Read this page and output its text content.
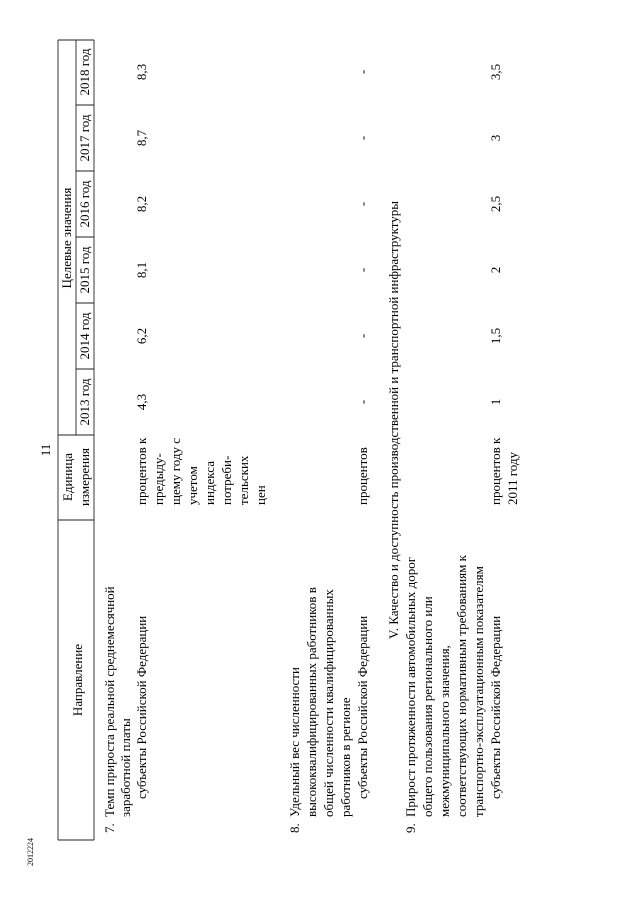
Направление
Единица измерения
Целевые значения
2013 год
2014 год
2015 год
2016 год
2017 год
2018 год
11
7.
Темп прироста реальной среднемесячной заработной платы субъекты Российской Федерации
процентов к предыду- щему году с учетом индекса потреби- тельских цен
4,3
6,2
8,1
8,2
8,7
8,3
8.
Удельный вес численности высококвалифицированных работников в общей численности квалифицированных работников в регионе субъекты Российской Федерации
процентов
-
-
-
-
-
-
V. Качество и доступность производственной и транспортной инфраструктуры
9.
Прирост протяженности автомобильных дорог общего пользования регионального или межмуниципального значения, соответствующих нормативным требованиям к транспортно-эксплуатационным показателям субъекты Российской Федерации
процентов к 2011 году
1
1,5
2
2,5
3
3,5
2012224
